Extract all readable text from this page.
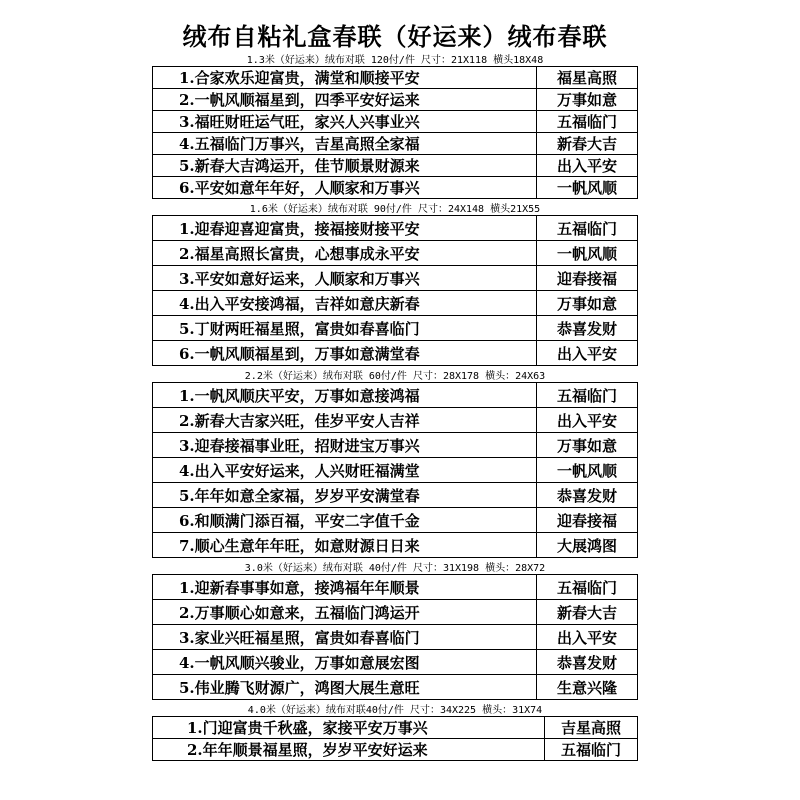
绒布自粘礼盒春联（好运来）绒布春联
1.3米（好运来）绒布对联 120付/件 尺寸：21X118 横头18X48
1.合家欢乐迎富贵，满堂和顺接平安	福星高照
2.一帆风顺福星到，四季平安好运来	万事如意
3.福旺财旺运气旺，家兴人兴事业兴	五福临门
4.五福临门万事兴，吉星高照全家福	新春大吉
5.新春大吉鸿运开，佳节顺景财源来	出入平安
6.平安如意年年好，人顺家和万事兴	一帆风顺
1.6米（好运来）绒布对联 90付/件 尺寸：24X148 横头21X55
1.迎春迎喜迎富贵，接福接财接平安	五福临门
2.福星高照长富贵，心想事成永平安	一帆风顺
3.平安如意好运来，人顺家和万事兴	迎春接福
4.出入平安接鸿福，吉祥如意庆新春	万事如意
5.丁财两旺福星照，富贵如春喜临门	恭喜发财
6.一帆风顺福星到，万事如意满堂春	出入平安
2.2米（好运来）绒布对联 60付/件 尺寸：28X178 横头：24X63
1.一帆风顺庆平安，万事如意接鸿福	五福临门
2.新春大吉家兴旺，佳岁平安人吉祥	出入平安
3.迎春接福事业旺，招财进宝万事兴	万事如意
4.出入平安好运来，人兴财旺福满堂	一帆风顺
5.年年如意全家福，岁岁平安满堂春	恭喜发财
6.和顺满门添百福，平安二字值千金	迎春接福
7.顺心生意年年旺，如意财源日日来	大展鸿图
3.0米（好运来）绒布对联 40付/件 尺寸：31X198 横头：28X72
1.迎新春事事如意，接鸿福年年顺景	五福临门
2.万事顺心如意来，五福临门鸿运开	新春大吉
3.家业兴旺福星照，富贵如春喜临门	出入平安
4.一帆风顺兴骏业，万事如意展宏图	恭喜发财
5.伟业腾飞财源广，鸿图大展生意旺	生意兴隆
4.0米（好运来）绒布对联40付/件 尺寸：34X225 横头：31X74
1.门迎富贵千秋盛，家接平安万事兴	吉星高照
2.年年顺景福星照，岁岁平安好运来	五福临门
